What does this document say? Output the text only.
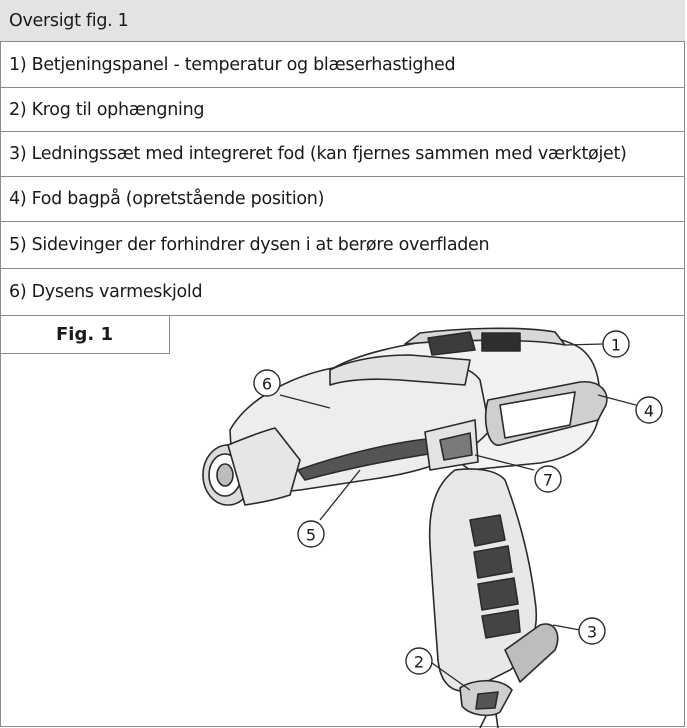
Oversigt fig. 1
1) Betjeningspanel - temperatur og blæserhastighed
2) Krog til ophængning
3) Ledningssæt med integreret fod (kan fjernes sammen med værktøjet)
4) Fod bagpå (opretstående position)
5) Sidevinger der forhindrer dysen i at berøre overfladen
6) Dysens varmeskjold
Fig. 1	1
2
3
4
5
6
7
